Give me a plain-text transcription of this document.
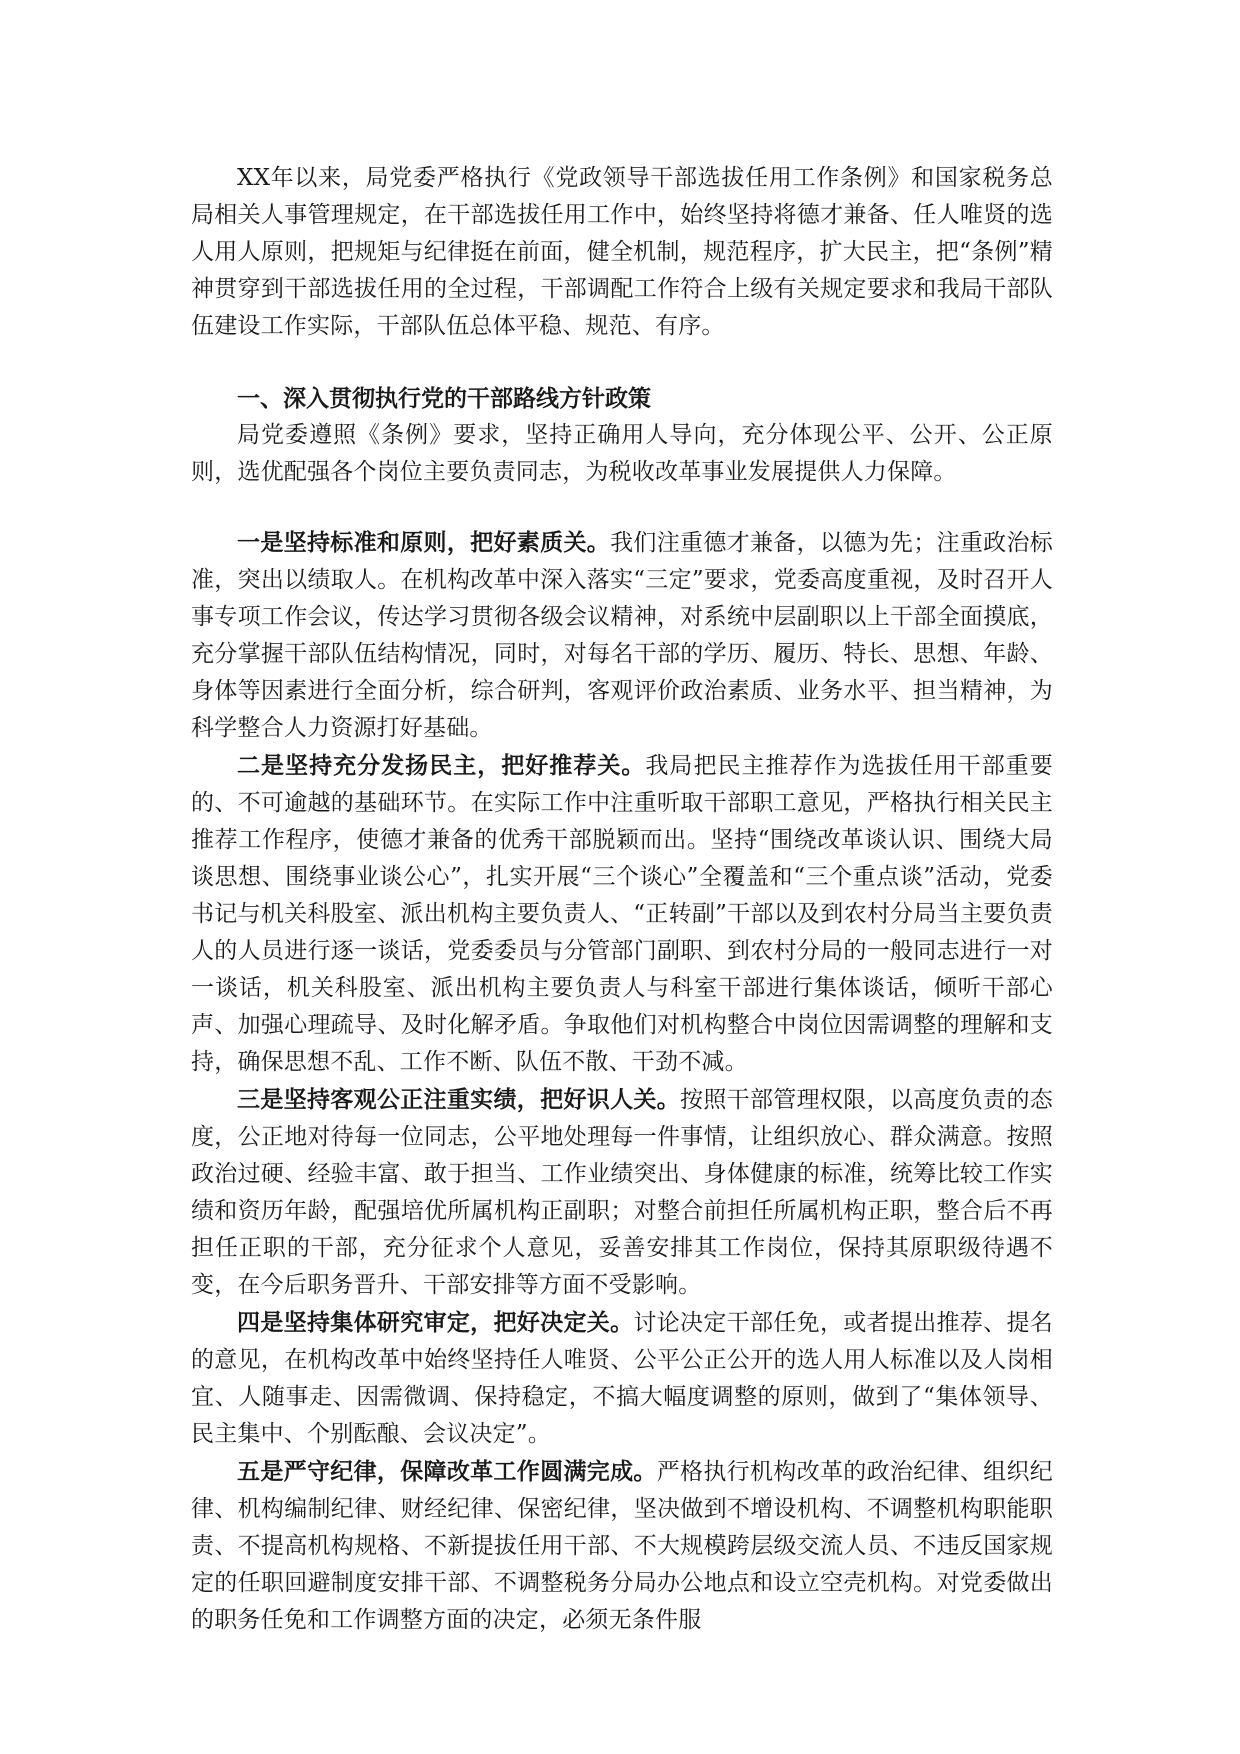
XX年以来，局党委严格执行《党政领导干部选拔任用工作条例》和国家税务总局相关人事管理规定，在干部选拔任用工作中，始终坚持将德才兼备、任人唯贤的选人用人原则，把规矩与纪律挺在前面，健全机制，规范程序，扩大民主，把“条例”精神贯穿到干部选拔任用的全过程，干部调配工作符合上级有关规定要求和我局干部队伍建设工作实际，干部队伍总体平稳、规范、有序。

一、深入贯彻执行党的干部路线方针政策

局党委遵照《条例》要求，坚持正确用人导向，充分体现公平、公开、公正原则，选优配强各个岗位主要负责同志，为税收改革事业发展提供人力保障。

一是坚持标准和原则，把好素质关。我们注重德才兼备，以德为先；注重政治标准，突出以绩取人。在机构改革中深入落实“三定”要求，党委高度重视，及时召开人事专项工作会议，传达学习贯彻各级会议精神，对系统中层副职以上干部全面摸底，充分掌握干部队伍结构情况，同时，对每名干部的学历、履历、特长、思想、年龄、身体等因素进行全面分析，综合研判，客观评价政治素质、业务水平、担当精神，为科学整合人力资源打好基础。

二是坚持充分发扬民主，把好推荐关。我局把民主推荐作为选拔任用干部重要的、不可逾越的基础环节。在实际工作中注重听取干部职工意见，严格执行相关民主推荐工作程序，使德才兼备的优秀干部脱颖而出。坚持“围绕改革谈认识、围绕大局谈思想、围绕事业谈公心”，扎实开展“三个谈心”全覆盖和“三个重点谈”活动，党委书记与机关科股室、派出机构主要负责人、“正转副”干部以及到农村分局当主要负责人的人员进行逐一谈话，党委委员与分管部门副职、到农村分局的一般同志进行一对一谈话，机关科股室、派出机构主要负责人与科室干部进行集体谈话，倾听干部心声、加强心理疏导、及时化解矛盾。争取他们对机构整合中岗位因需调整的理解和支持，确保思想不乱、工作不断、队伍不散、干劲不减。

三是坚持客观公正注重实绩，把好识人关。按照干部管理权限，以高度负责的态度，公正地对待每一位同志，公平地处理每一件事情，让组织放心、群众满意。按照政治过硬、经验丰富、敢于担当、工作业绩突出、身体健康的标准，统筹比较工作实绩和资历年龄，配强培优所属机构正副职；对整合前担任所属机构正职，整合后不再担任正职的干部，充分征求个人意见，妥善安排其工作岗位，保持其原职级待遇不变，在今后职务晋升、干部安排等方面不受影响。

四是坚持集体研究审定，把好决定关。讨论决定干部任免，或者提出推荐、提名的意见，在机构改革中始终坚持任人唯贤、公平公正公开的选人用人标准以及人岗相宜、人随事走、因需微调、保持稳定，不搞大幅度调整的原则，做到了“集体领导、民主集中、个别酝酿、会议决定”。

五是严守纪律，保障改革工作圆满完成。严格执行机构改革的政治纪律、组织纪律、机构编制纪律、财经纪律、保密纪律，坚决做到不增设机构、不调整机构职能职责、不提高机构规格、不新提拔任用干部、不大规模跨层级交流人员、不违反国家规定的任职回避制度安排干部、不调整税务分局办公地点和设立空壳机构。对党委做出的职务任免和工作调整方面的决定，必须无条件服
